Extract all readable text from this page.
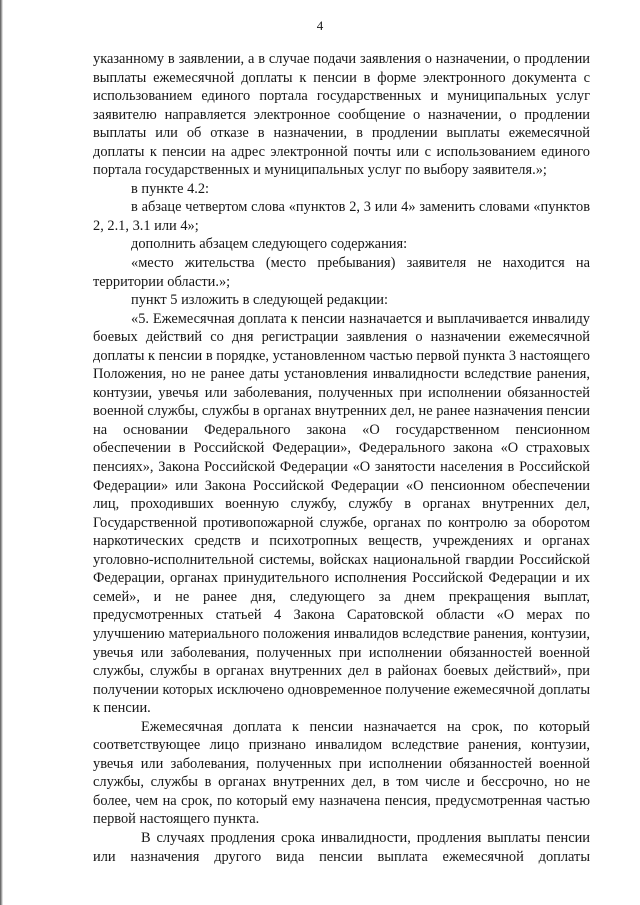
4

указанному в заявлении, а в случае подачи заявления о назначении, о продлении выплаты ежемесячной доплаты к пенсии в форме электронного документа с использованием единого портала государственных и муниципальных услуг заявителю направляется электронное сообщение о назначении, о продлении выплаты или об отказе в назначении, в продлении выплаты ежемесячной доплаты к пенсии на адрес электронной почты или с использованием единого портала государственных и муниципальных услуг по выбору заявителя.»;

в пункте 4.2:

в абзаце четвертом слова «пунктов 2, 3 или 4» заменить словами «пунктов 2, 2.1, 3.1 или 4»;

дополнить абзацем следующего содержания:

«место жительства (место пребывания) заявителя не находится на территории области.»;

пункт 5 изложить в следующей редакции:

«5. Ежемесячная доплата к пенсии назначается и выплачивается инвалиду боевых действий со дня регистрации заявления о назначении ежемесячной доплаты к пенсии в порядке, установленном частью первой пункта 3 настоящего Положения, но не ранее даты установления инвалидности вследствие ранения, контузии, увечья или заболевания, полученных при исполнении обязанностей военной службы, службы в органах внутренних дел, не ранее назначения пенсии на основании Федерального закона «О государственном пенсионном обеспечении в Российской Федерации», Федерального закона «О страховых пенсиях», Закона Российской Федерации «О занятости населения в Российской Федерации» или Закона Российской Федерации «О пенсионном обеспечении лиц, проходивших военную службу, службу в органах внутренних дел, Государственной противопожарной службе, органах по контролю за оборотом наркотических средств и психотропных веществ, учреждениях и органах уголовно-исполнительной системы, войсках национальной гвардии Российской Федерации, органах принудительного исполнения Российской Федерации и их семей», и не ранее дня, следующего за днем прекращения выплат, предусмотренных статьей 4 Закона Саратовской области «О мерах по улучшению материального положения инвалидов вследствие ранения, контузии, увечья или заболевания, полученных при исполнении обязанностей военной службы, службы в органах внутренних дел в районах боевых действий», при получении которых исключено одновременное получение ежемесячной доплаты к пенсии.

Ежемесячная доплата к пенсии назначается на срок, по который соответствующее лицо признано инвалидом вследствие ранения, контузии, увечья или заболевания, полученных при исполнении обязанностей военной службы, службы в органах внутренних дел, в том числе и бессрочно, но не более, чем на срок, по который ему назначена пенсия, предусмотренная частью первой настоящего пункта.

В случаях продления срока инвалидности, продления выплаты пенсии или назначения другого вида пенсии выплата ежемесячной доплаты
